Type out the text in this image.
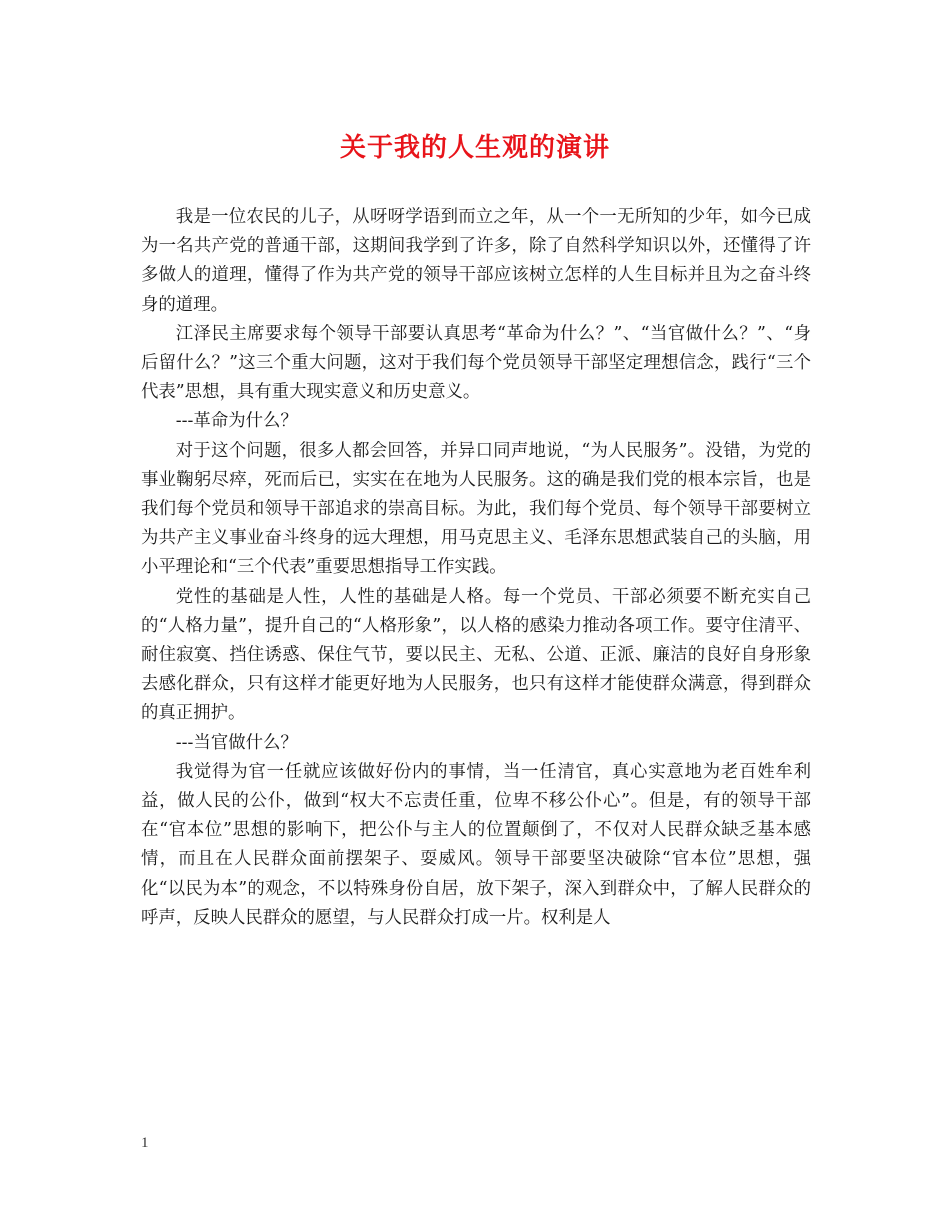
关于我的人生观的演讲

我是一位农民的儿子，从呀呀学语到而立之年，从一个一无所知的少年，如今已成为一名共产党的普通干部，这期间我学到了许多，除了自然科学知识以外，还懂得了许多做人的道理，懂得了作为共产党的领导干部应该树立怎样的人生目标并且为之奋斗终身的道理。

江泽民主席要求每个领导干部要认真思考“革命为什么？”、“当官做什么？”、“身后留什么？”这三个重大问题，这对于我们每个党员领导干部坚定理想信念，践行“三个代表”思想，具有重大现实意义和历史意义。

---革命为什么？

对于这个问题，很多人都会回答，并异口同声地说，“为人民服务”。没错，为党的事业鞠躬尽瘁，死而后已，实实在在地为人民服务。这的确是我们党的根本宗旨，也是我们每个党员和领导干部追求的崇高目标。为此，我们每个党员、每个领导干部要树立为共产主义事业奋斗终身的远大理想，用马克思主义、毛泽东思想武装自己的头脑，用小平理论和“三个代表”重要思想指导工作实践。

党性的基础是人性，人性的基础是人格。每一个党员、干部必须要不断充实自己的“人格力量”，提升自己的“人格形象”，以人格的感染力推动各项工作。要守住清平、耐住寂寞、挡住诱惑、保住气节，要以民主、无私、公道、正派、廉洁的良好自身形象去感化群众，只有这样才能更好地为人民服务，也只有这样才能使群众满意，得到群众的真正拥护。

---当官做什么？

我觉得为官一任就应该做好份内的事情，当一任清官，真心实意地为老百姓牟利益，做人民的公仆，做到“权大不忘责任重，位卑不移公仆心”。但是，有的领导干部在“官本位”思想的影响下，把公仆与主人的位置颠倒了，不仅对人民群众缺乏基本感情，而且在人民群众面前摆架子、耍威风。领导干部要坚决破除“官本位”思想，强化“以民为本”的观念，不以特殊身份自居，放下架子，深入到群众中，了解人民群众的呼声，反映人民群众的愿望，与人民群众打成一片。权利是人

1
